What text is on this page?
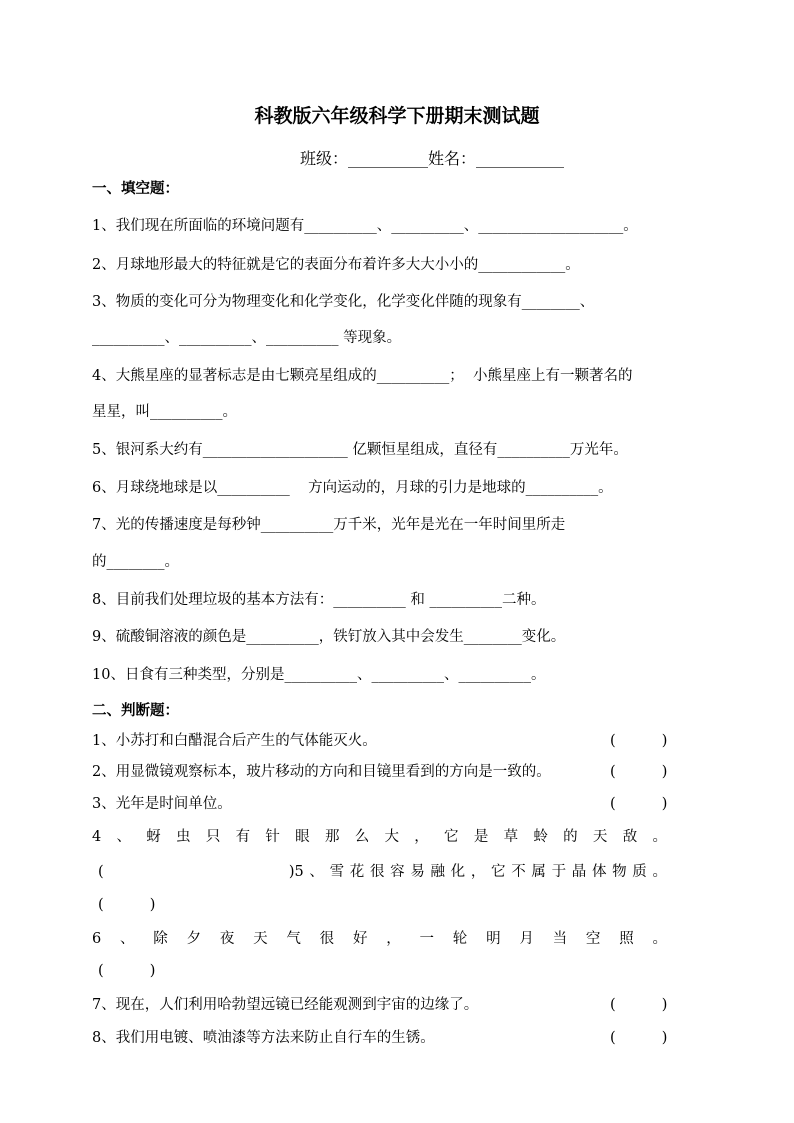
科教版六年级科学下册期末测试题
班级：__________姓名：___________
一、填空题：
1、我们现在所面临的环境问题有__________、__________、____________________。
2、月球地形最大的特征就是它的表面分布着许多大大小小的____________。
3、物质的变化可分为物理变化和化学变化，化学变化伴随的现象有________、
__________、__________、__________ 等现象。
4、大熊星座的显著标志是由七颗亮星组成的__________；  小熊星座上有一颗著名的
星星，叫__________。
5、银河系大约有____________________ 亿颗恒星组成，直径有__________万光年。
6、月球绕地球是以__________    方向运动的，月球的引力是地球的__________。
7、光的传播速度是每秒钟__________万千米，光年是光在一年时间里所走
的________。
8、目前我们处理垃圾的基本方法有：__________ 和 __________二种。
9、硫酸铜溶液的颜色是__________，铁钉放入其中会发生________变化。
10、日食有三种类型，分别是__________、__________、__________。
二、判断题：
1、小苏打和白醋混合后产生的气体能灭火。	(          )
2、用显微镜观察标本，玻片移动的方向和目镜里看到的方向是一致的。	(          )
3、光年是时间单位。	(          )
4、蚜虫只有针眼那么大，它是草蛉的天敌。
(                  )5、雪花很容易融化，它不属于晶体物质。
(          )
6、除夕夜天气很好，一轮明月当空照。
(          )
7、现在，人们利用哈勃望远镜已经能观测到宇宙的边缘了。	(          )
8、我们用电镀、喷油漆等方法来防止自行车的生锈。	(          )
